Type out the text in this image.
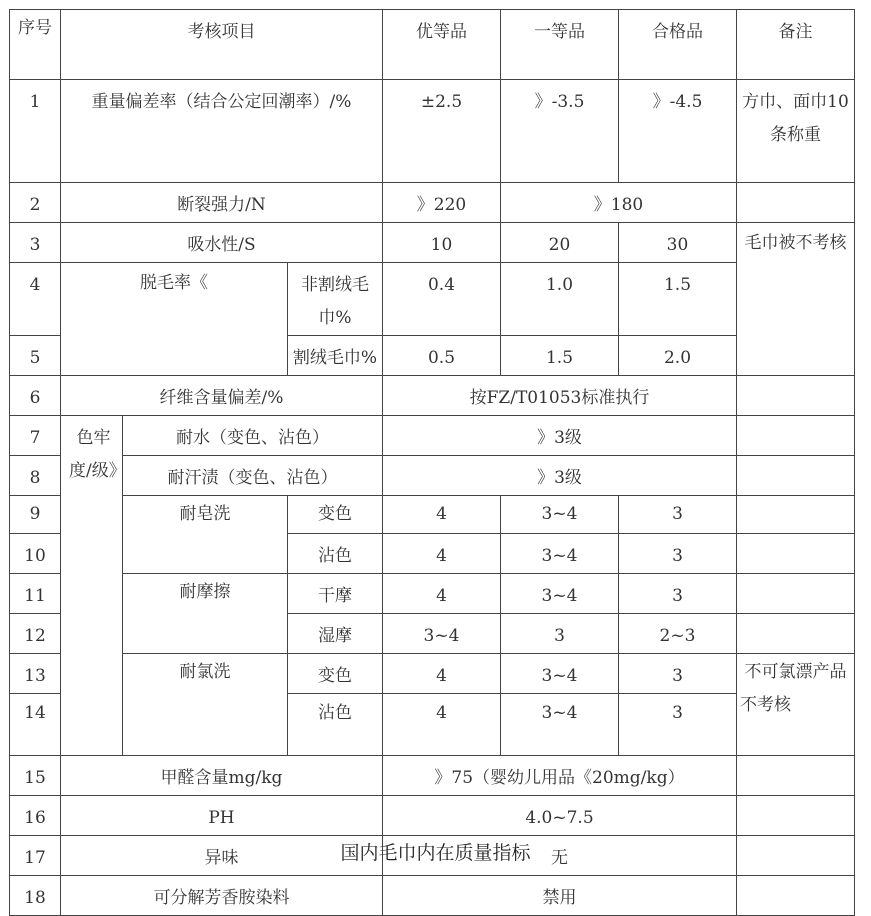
序号	考核项目			优等品	一等品	合格品	备注
1	重量偏差率（结合公定回潮率）/%			±2.5	》-3.5	》-4.5	方巾、面巾10条称重
2	断裂强力/N			》220	》180		
3	吸水性/S			10	20	30	毛巾被不考核
4	脱毛率《		非割绒毛巾%	0.4	1.0	1.5	
5			割绒毛巾%	0.5	1.5	2.0	
6	纤维含量偏差/%			按FZ/T01053标准执行			
7	色牢度/级》	耐水（变色、沾色）		》3级			
8		耐汗渍（变色、沾色）		》3级			
9		耐皂洗	变色	4	3~4	3	
10			沾色	4	3~4	3	
11		耐摩擦	干摩	4	3~4	3	
12			湿摩	3~4	3	2~3	
13		耐氯洗	变色	4	3~4	3	不可氯漂产品不考核
14			沾色	4	3~4	3	
15	甲醛含量mg/kg			》75（婴幼儿用品《20mg/kg）			
16	PH			4.0~7.5			
17	异味			无			
18	可分解芳香胺染料			禁用			
国内毛巾内在质量指标
